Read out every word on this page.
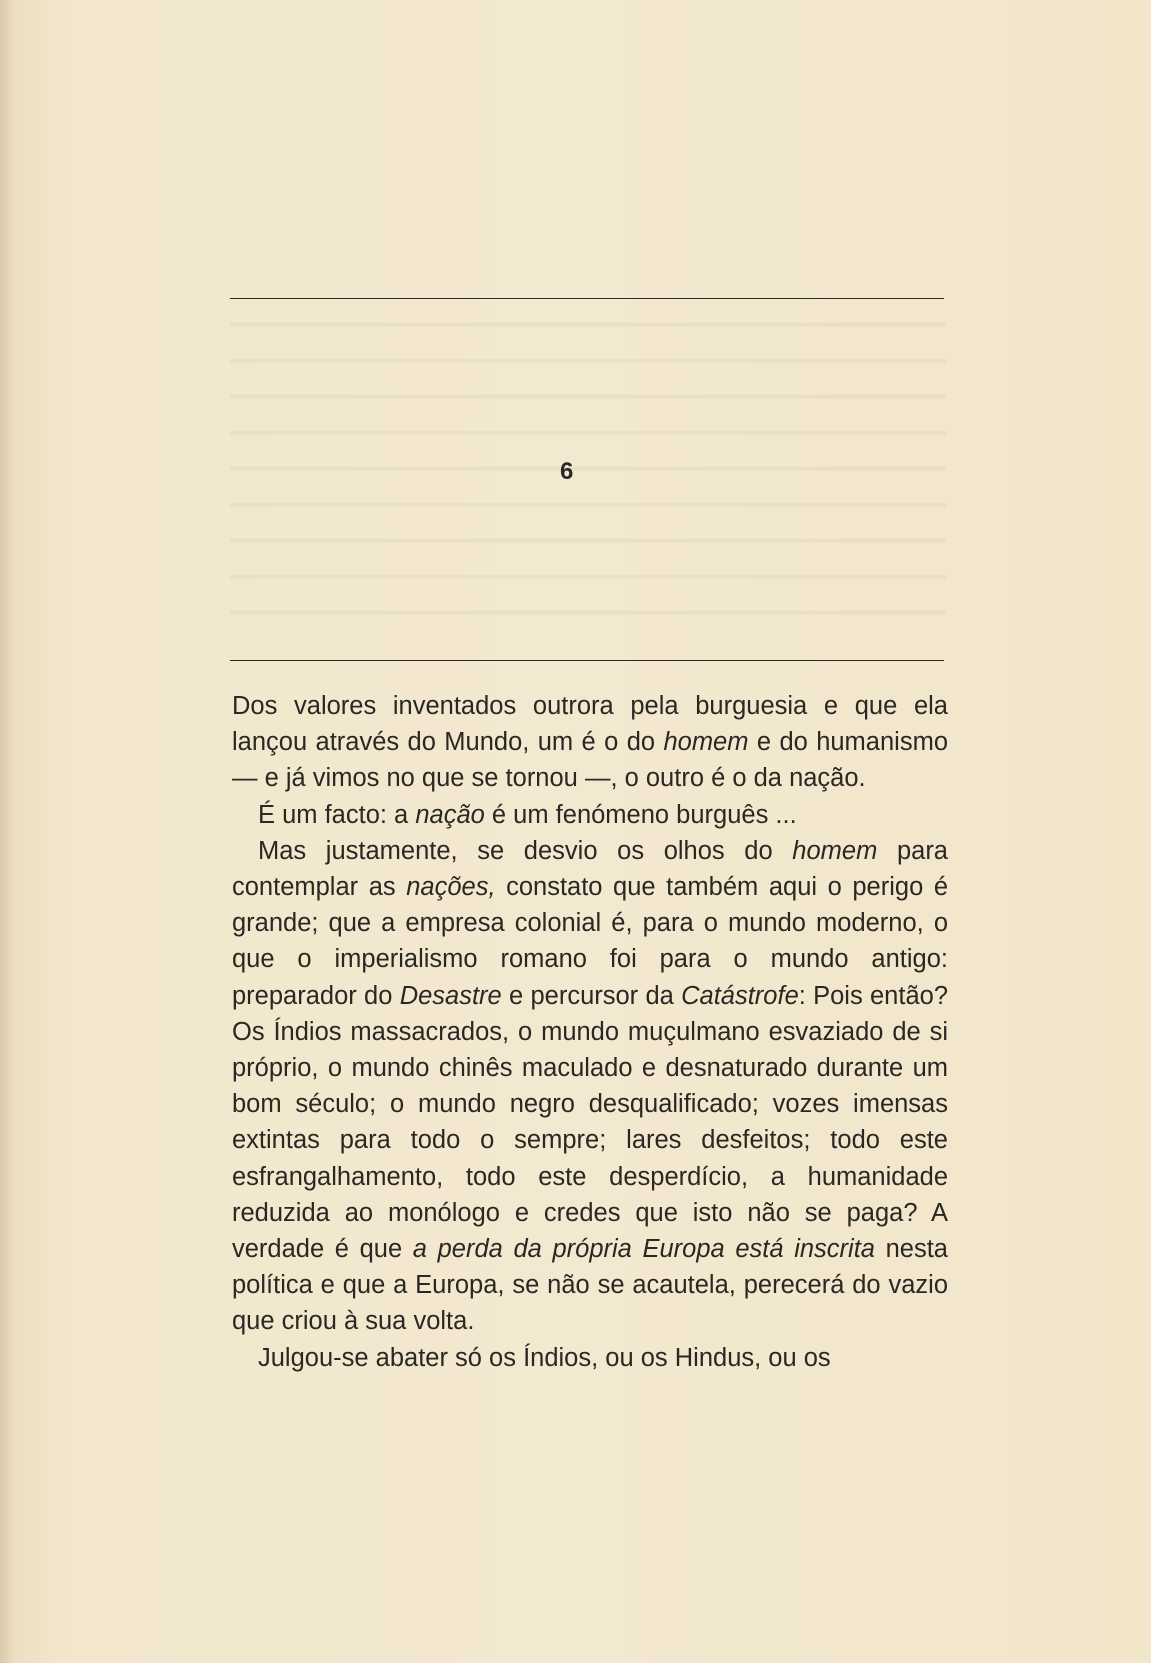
6

Dos valores inventados outrora pela burguesia e que ela lançou através do Mundo, um é o do homem e do humanismo — e já vimos no que se tornou —, o outro é o da nação.

É um facto: a nação é um fenómeno burguês ...

Mas justamente, se desvio os olhos do homem para contemplar as nações, constato que também aqui o perigo é grande; que a empresa colonial é, para o mundo moderno, o que o imperialismo romano foi para o mundo antigo: preparador do Desastre e percursor da Catástrofe: Pois então? Os Índios massacrados, o mundo muçulmano esvaziado de si próprio, o mundo chinês maculado e desnaturado durante um bom século; o mundo negro desqualificado; vozes imensas extintas para todo o sempre; lares desfeitos; todo este esfrangalhamento, todo este desperdício, a humanidade reduzida ao monólogo e credes que isto não se paga? A verdade é que a perda da própria Europa está inscrita nesta política e que a Europa, se não se acautela, perecerá do vazio que criou à sua volta.

Julgou-se abater só os Índios, ou os Hindus, ou os
